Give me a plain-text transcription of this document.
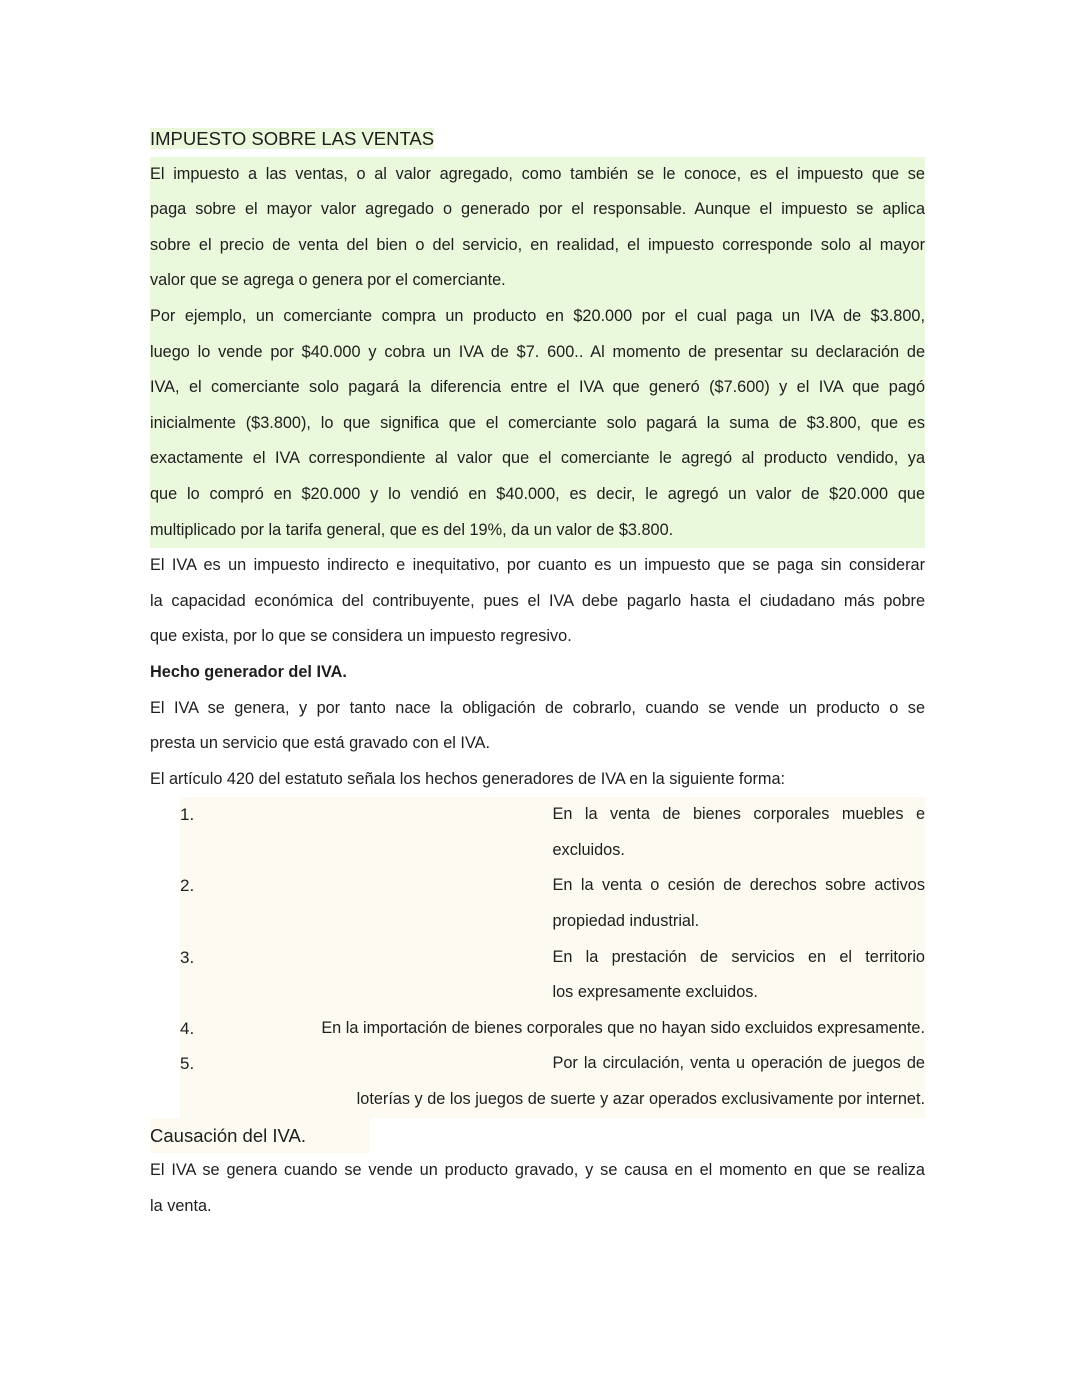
IMPUESTO SOBRE LAS VENTAS
El impuesto a las ventas, o al valor agregado, como también se le conoce, es el impuesto que se
paga sobre el mayor valor agregado o generado por el responsable. Aunque el impuesto se aplica
sobre el precio de venta del bien o del servicio, en realidad, el impuesto corresponde solo al mayor
valor que se agrega o genera por el comerciante.
Por ejemplo, un comerciante compra un producto en $20.000 por el cual paga un IVA de $3.800,
luego lo vende por $40.000 y cobra un IVA de $7. 600.. Al momento de presentar su declaración de
IVA, el comerciante solo pagará la diferencia entre el IVA que generó ($7.600) y el IVA que pagó
inicialmente ($3.800), lo que significa que el comerciante solo pagará la suma de $3.800, que es
exactamente el IVA correspondiente al valor que el comerciante le agregó al producto vendido, ya
que lo compró en $20.000 y lo vendió en $40.000, es decir, le agregó un valor de $20.000 que
multiplicado por la tarifa general, que es del 19%, da un valor de $3.800.
El IVA es un impuesto indirecto e inequitativo, por cuanto es un impuesto que se paga sin considerar
la capacidad económica del contribuyente, pues el IVA debe pagarlo hasta el ciudadano más pobre
que exista, por lo que se considera un impuesto regresivo.
Hecho generador del IVA.
El IVA se genera, y por tanto nace la obligación de cobrarlo, cuando se vende un producto o se
presta un servicio que está gravado con el IVA.
El artículo 420 del estatuto señala los hechos generadores de IVA en la siguiente forma:
1.	En la venta de bienes corporales muebles e
excluidos.
2.	En la venta o cesión de derechos sobre activos
propiedad industrial.
3.	En la prestación de servicios en el territorio
los expresamente excluidos.
4.	En la importación de bienes corporales que no hayan sido excluidos expresamente.
5.	Por la circulación, venta u operación de juegos de
loterías y de los juegos de suerte y azar operados exclusivamente por internet.
Causación del IVA.
El IVA se genera cuando se vende un producto gravado, y se causa en el momento en que se realiza
la venta.
